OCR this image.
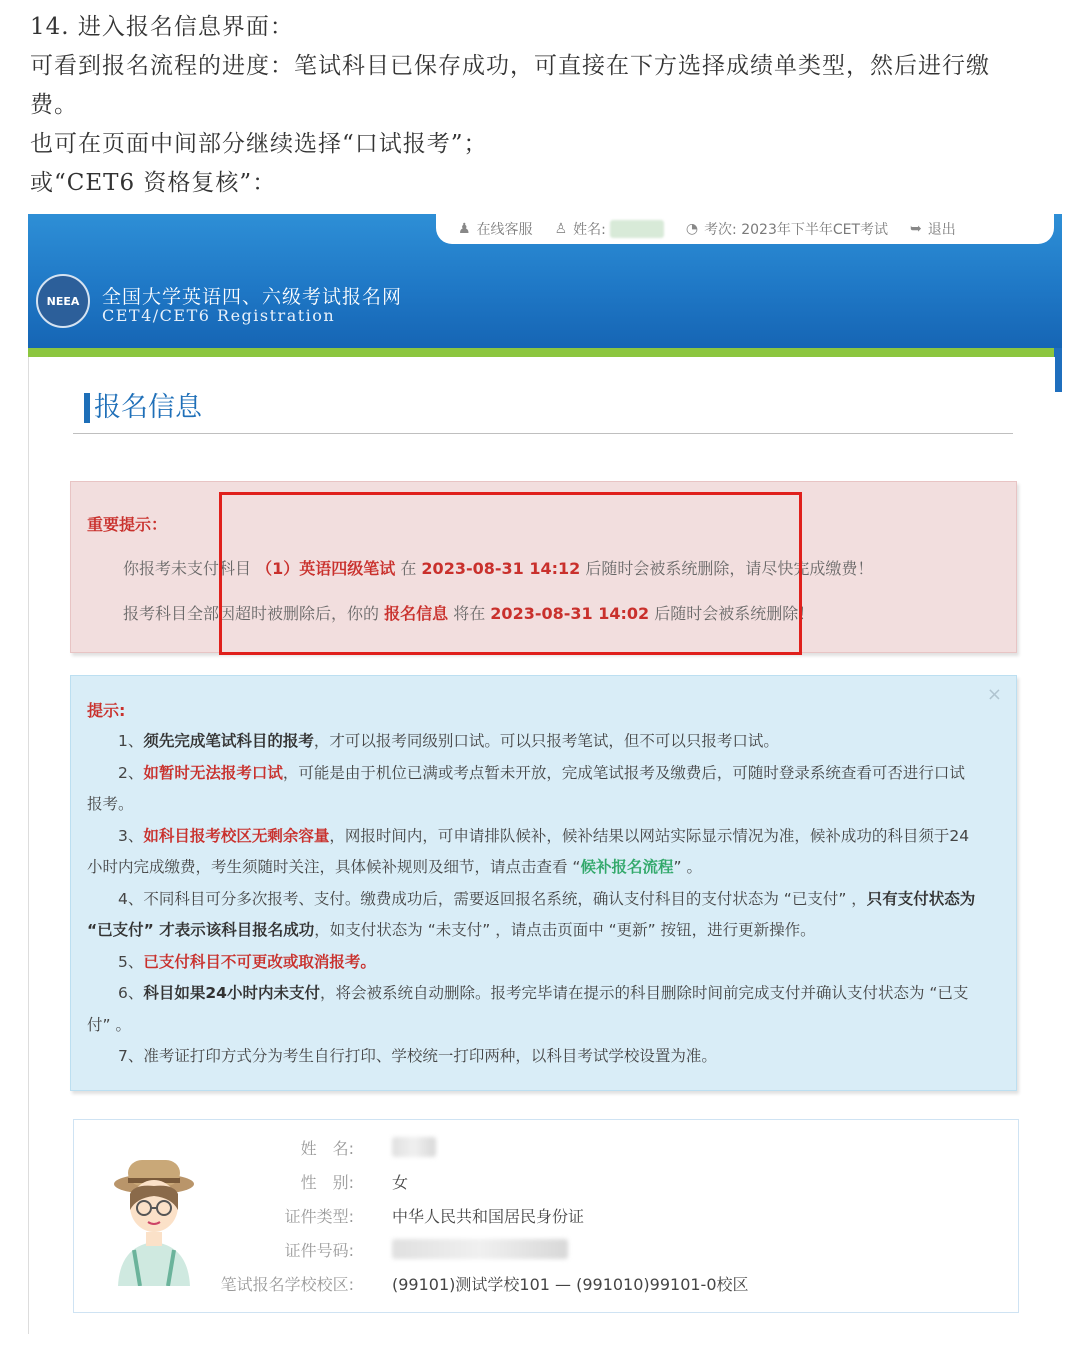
14. 进入报名信息界面：

可看到报名流程的进度：笔试科目已保存成功，可直接在下方选择成绩单类型，然后进行缴

费。

也可在页面中间部分继续选择“口试报考”；

或“CET6 资格复核”：

♟ 在线客服 ♙ 姓名:	◔ 考次: 2023年下半年CET考试 ➥ 退出
NEEA 全国大学英语四、六级考试报名网
CET4/CET6 Registration
报名信息
重要提示：
你报考未支付科目 （1）英语四级笔试 在 2023-08-31 14:12 后随时会被系统删除，请尽快完成缴费！
报考科目全部因超时被删除后，你的 报名信息 将在 2023-08-31 14:02 后随时会被系统删除！
×
提示:

1、须先完成笔试科目的报考，才可以报考同级别口试。可以只报考笔试，但不可以只报考口试。

2、如暂时无法报考口试，可能是由于机位已满或考点暂未开放，完成笔试报考及缴费后，可随时登录系统查看可否进行口试报考。

3、如科目报考校区无剩余容量，网报时间内，可申请排队候补，候补结果以网站实际显示情况为准，候补成功的科目须于24小时内完成缴费，考生须随时关注，具体候补规则及细节，请点击查看 “候补报名流程” 。

4、不同科目可分多次报考、支付。缴费成功后，需要返回报名系统，确认支付科目的支付状态为 “已支付” ，只有支付状态为 “已支付” 才表示该科目报名成功，如支付状态为 “未支付” ，请点击页面中 “更新” 按钮，进行更新操作。

5、已支付科目不可更改或取消报考。

6、科目如果24小时内未支付，将会被系统自动删除。报考完毕请在提示的科目删除时间前完成支付并确认支付状态为 “已支付” 。

7、准考证打印方式分为考生自行打印、学校统一打印两种，以科目考试学校设置为准。

姓　名:
性　别: 女
证件类型: 中华人民共和国居民身份证
证件号码:
笔试报名学校校区: (99101)测试学校101 — (991010)99101-0校区
